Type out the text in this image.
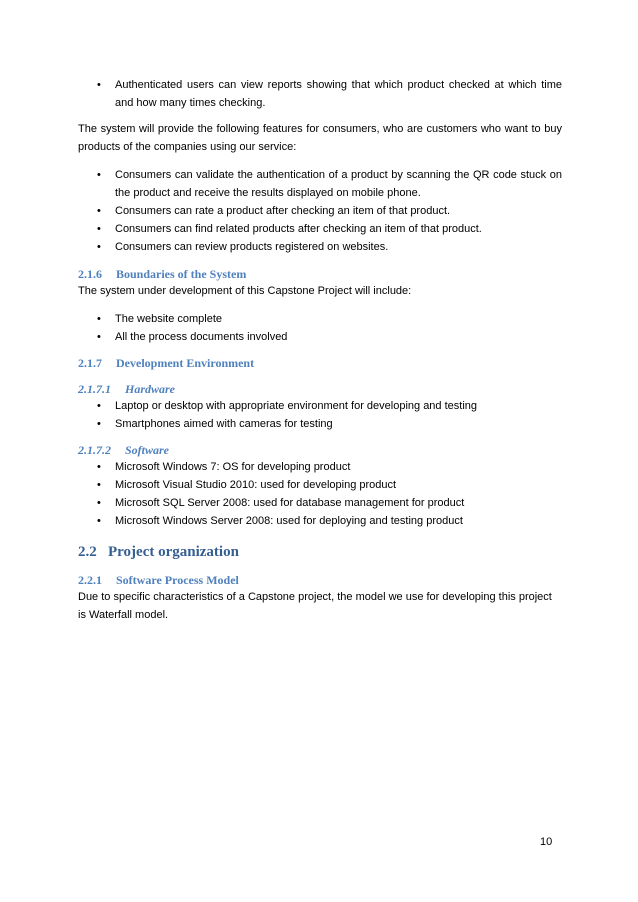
• Authenticated users can view reports showing that which product checked at which time and how many times checking.

The system will provide the following features for consumers, who are customers who want to buy products of the companies using our service:

• Consumers can validate the authentication of a product by scanning the QR code stuck on the product and receive the results displayed on mobile phone.
• Consumers can rate a product after checking an item of that product.
• Consumers can find related products after checking an item of that product.
• Consumers can review products registered on websites.
2.1.6 Boundaries of the System

The system under development of this Capstone Project will include:

• The website complete
• All the process documents involved
2.1.7 Development Environment
2.1.7.1 Hardware
• Laptop or desktop with appropriate environment for developing and testing
• Smartphones aimed with cameras for testing
2.1.7.2 Software
• Microsoft Windows 7: OS for developing product
• Microsoft Visual Studio 2010: used for developing product
• Microsoft SQL Server 2008: used for database management for product
• Microsoft Windows Server 2008: used for deploying and testing product
2.2 Project organization
2.2.1 Software Process Model

Due to specific characteristics of a Capstone project, the model we use for developing this project is Waterfall model.

10
